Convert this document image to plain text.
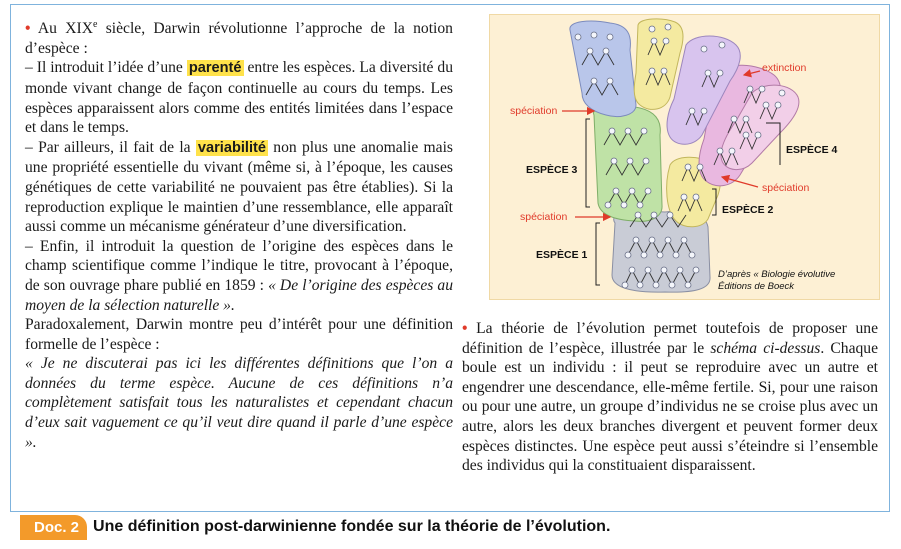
• Au XIXe siècle, Darwin révolutionne l’approche de la notion d’espèce :

– Il introduit l’idée d’une parenté entre les espèces. La diversité du monde vivant change de façon continuelle au cours du temps. Les espèces apparaissent alors comme des entités limitées dans l’espace et dans le temps.

– Par ailleurs, il fait de la variabilité non plus une anomalie mais une propriété essentielle du vivant (même si, à l’époque, les causes génétiques de cette variabilité ne pouvaient pas être établies). Si la reproduction explique le maintien d’une ressemblance, elle apparaît aussi comme un mécanisme générateur d’une diversification.

– Enfin, il introduit la question de l’origine des espèces dans le champ scientifique comme l’indique le titre, provocant à l’époque, de son ouvrage phare publié en 1859 : « De l’origine des espèces au moyen de la sélection naturelle ».

Paradoxalement, Darwin montre peu d’intérêt pour une définition formelle de l’espèce :

« Je ne discuterai pas ici les différentes définitions que l’on a données du terme espèce. Aucune de ces définitions n’a complètement satisfait tous les naturalistes et cependant chacun d’eux sait vaguement ce qu’il veut dire quand il parle d’une espèce ».

spéciation
spéciation
spéciation
extinction
ESPÈCE 3
ESPÈCE 1
ESPÈCE 4
ESPÈCE 2
D’après « Biologie évolutive
Éditions de Boeck

• La théorie de l’évolution permet toutefois de proposer une définition de l’espèce, illustrée par le schéma ci-dessus. Chaque boule est un individu : il peut se reproduire avec un autre et engendrer une descendance, elle-même fertile. Si, pour une raison ou pour une autre, un groupe d’individus ne se croise plus avec un autre, alors les deux branches divergent et peuvent former deux espèces distinctes. Une espèce peut aussi s’éteindre si l’ensemble des individus qui la constituaient disparaissent.

Doc. 2 Une définition post-darwinienne fondée sur la théorie de l’évolution.
